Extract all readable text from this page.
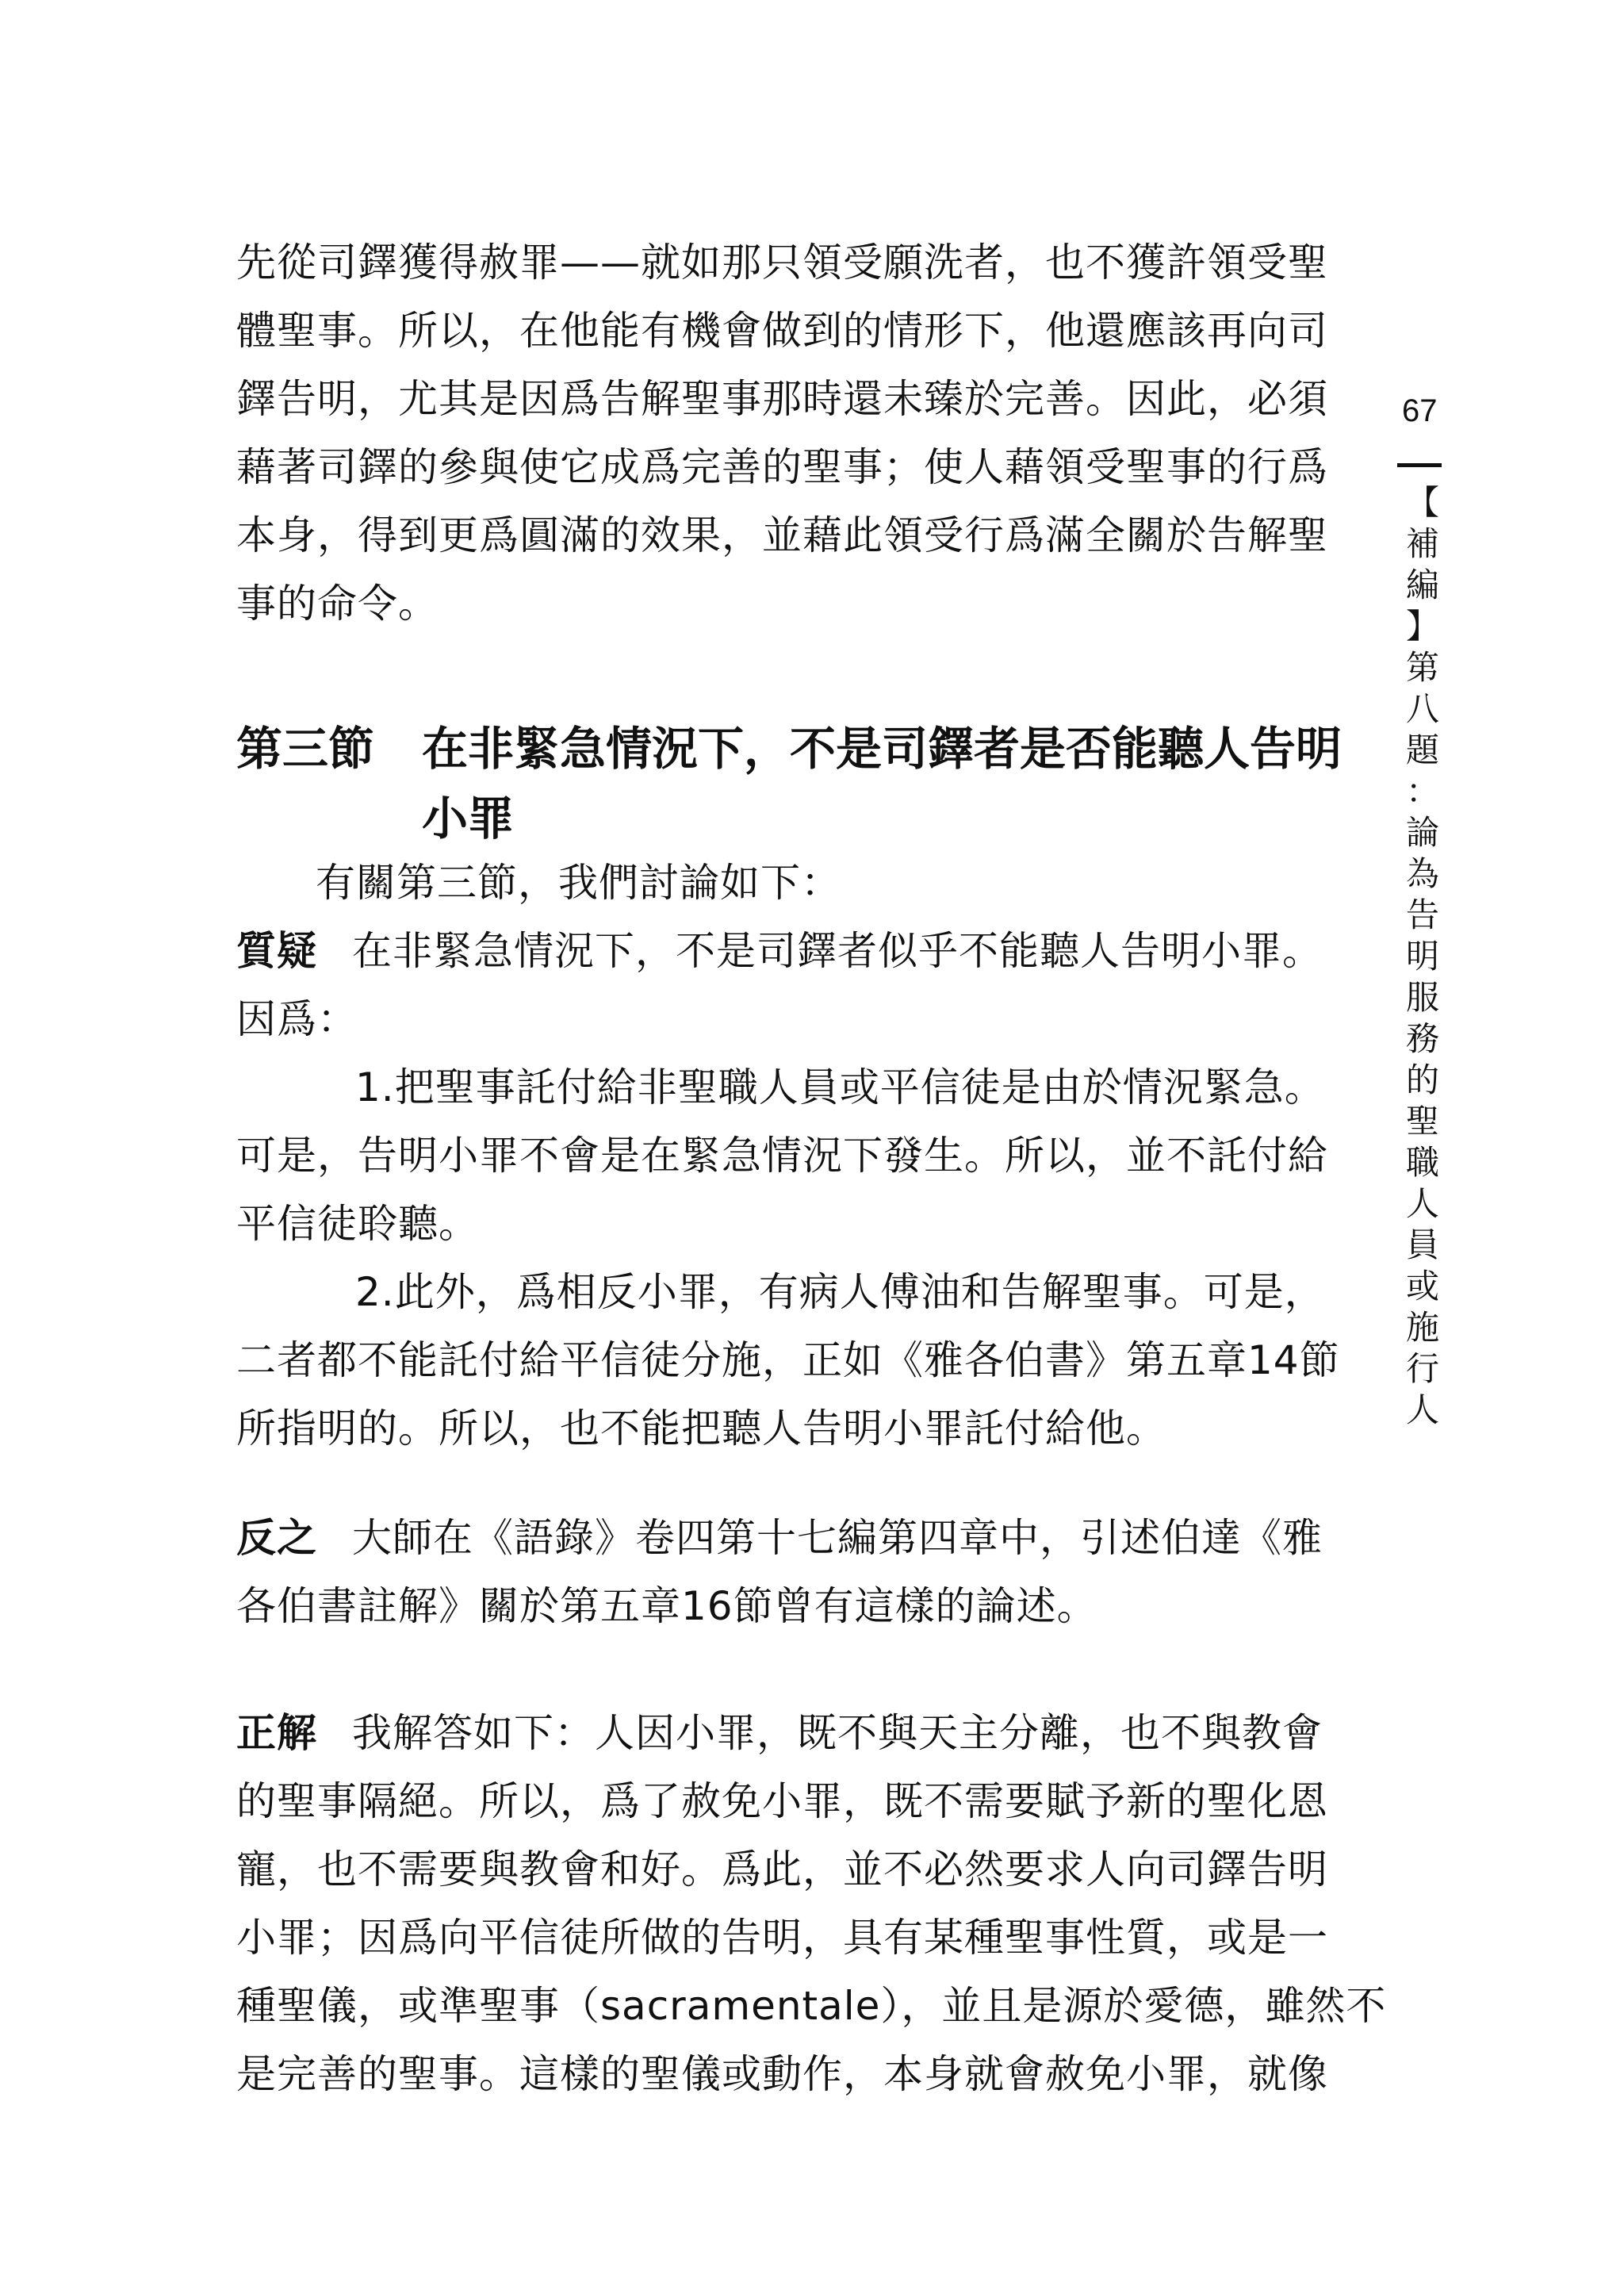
先從司鐸獲得赦罪——就如那只領受願洗者，也不獲許領受聖
體聖事。所以，在他能有機會做到的情形下，他還應該再向司
鐸告明，尤其是因爲告解聖事那時還未臻於完善。因此，必須
藉著司鐸的參與使它成爲完善的聖事；使人藉領受聖事的行爲
本身，得到更爲圓滿的效果，並藉此領受行爲滿全關於告解聖
事的命令。
第三節 在非緊急情況下，不是司鐸者是否能聽人告明
小罪
有關第三節，我們討論如下：
質疑 在非緊急情況下，不是司鐸者似乎不能聽人告明小罪。
因爲：
1.把聖事託付給非聖職人員或平信徒是由於情況緊急。
可是，告明小罪不會是在緊急情況下發生。所以，並不託付給
平信徒聆聽。
2.此外，爲相反小罪，有病人傅油和告解聖事。可是，
二者都不能託付給平信徒分施，正如《雅各伯書》第五章14節
所指明的。所以，也不能把聽人告明小罪託付給他。
反之 大師在《語錄》卷四第十七編第四章中，引述伯達《雅
各伯書註解》關於第五章16節曾有這樣的論述。
正解 我解答如下：人因小罪，既不與天主分離，也不與教會
的聖事隔絕。所以，爲了赦免小罪，既不需要賦予新的聖化恩
寵，也不需要與教會和好。爲此，並不必然要求人向司鐸告明
小罪；因爲向平信徒所做的告明，具有某種聖事性質，或是一
種聖儀，或準聖事（sacramentale），並且是源於愛德，雖然不
是完善的聖事。這樣的聖儀或動作，本身就會赦免小罪，就像
67
【
補
編
】
第
八
題
：
論
為
告
明
服
務
的
聖
職
人
員
或
施
行
人
